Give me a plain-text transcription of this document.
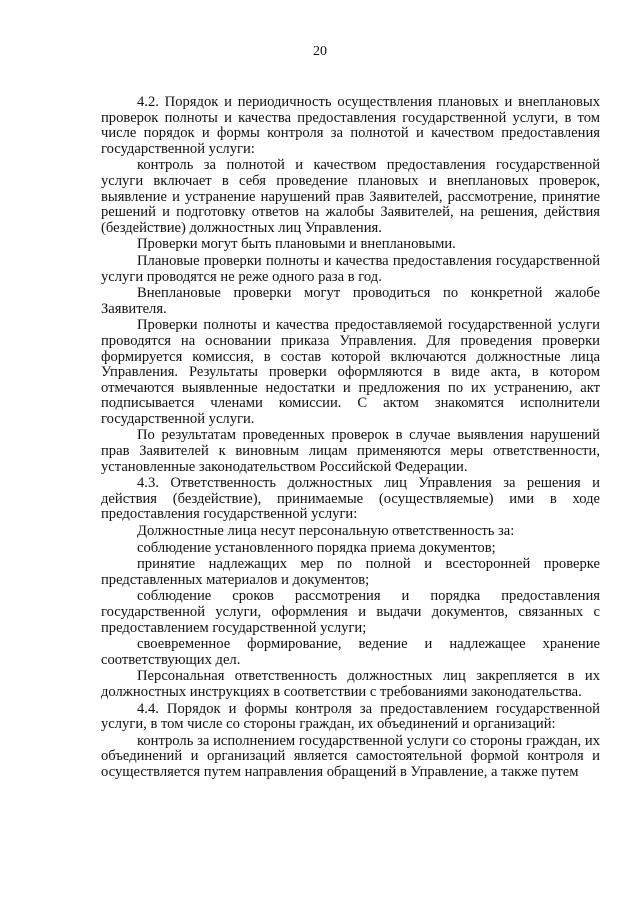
20

4.2. Порядок и периодичность осуществления плановых и внеплановых проверок полноты и качества предоставления государственной услуги, в том числе порядок и формы контроля за полнотой и качеством предоставления государственной услуги:

контроль за полнотой и качеством предоставления государственной услуги включает в себя проведение плановых и внеплановых проверок, выявление и устранение нарушений прав Заявителей, рассмотрение, принятие решений и подготовку ответов на жалобы Заявителей, на решения, действия (бездействие) должностных лиц Управления.

Проверки могут быть плановыми и внеплановыми.

Плановые проверки полноты и качества предоставления государственной услуги проводятся не реже одного раза в год.

Внеплановые проверки могут проводиться по конкретной жалобе Заявителя.

Проверки полноты и качества предоставляемой государственной услуги проводятся на основании приказа Управления. Для проведения проверки формируется комиссия, в состав которой включаются должностные лица Управления. Результаты проверки оформляются в виде акта, в котором отмечаются выявленные недостатки и предложения по их устранению, акт подписывается членами комиссии. С актом знакомятся исполнители государственной услуги.

По результатам проведенных проверок в случае выявления нарушений прав Заявителей к виновным лицам применяются меры ответственности, установленные законодательством Российской Федерации.

4.3. Ответственность должностных лиц Управления за решения и действия (бездействие), принимаемые (осуществляемые) ими в ходе предоставления государственной услуги:

Должностные лица несут персональную ответственность за:

соблюдение установленного порядка приема документов;

принятие надлежащих мер по полной и всесторонней проверке представленных материалов и документов;

соблюдение сроков рассмотрения и порядка предоставления государственной услуги, оформления и выдачи документов, связанных с предоставлением государственной услуги;

своевременное формирование, ведение и надлежащее хранение соответствующих дел.

Персональная ответственность должностных лиц закрепляется в их должностных инструкциях в соответствии с требованиями законодательства.

4.4. Порядок и формы контроля за предоставлением государственной услуги, в том числе со стороны граждан, их объединений и организаций:

контроль за исполнением государственной услуги со стороны граждан, их объединений и организаций является самостоятельной формой контроля и осуществляется путем направления обращений в Управление, а также путем
